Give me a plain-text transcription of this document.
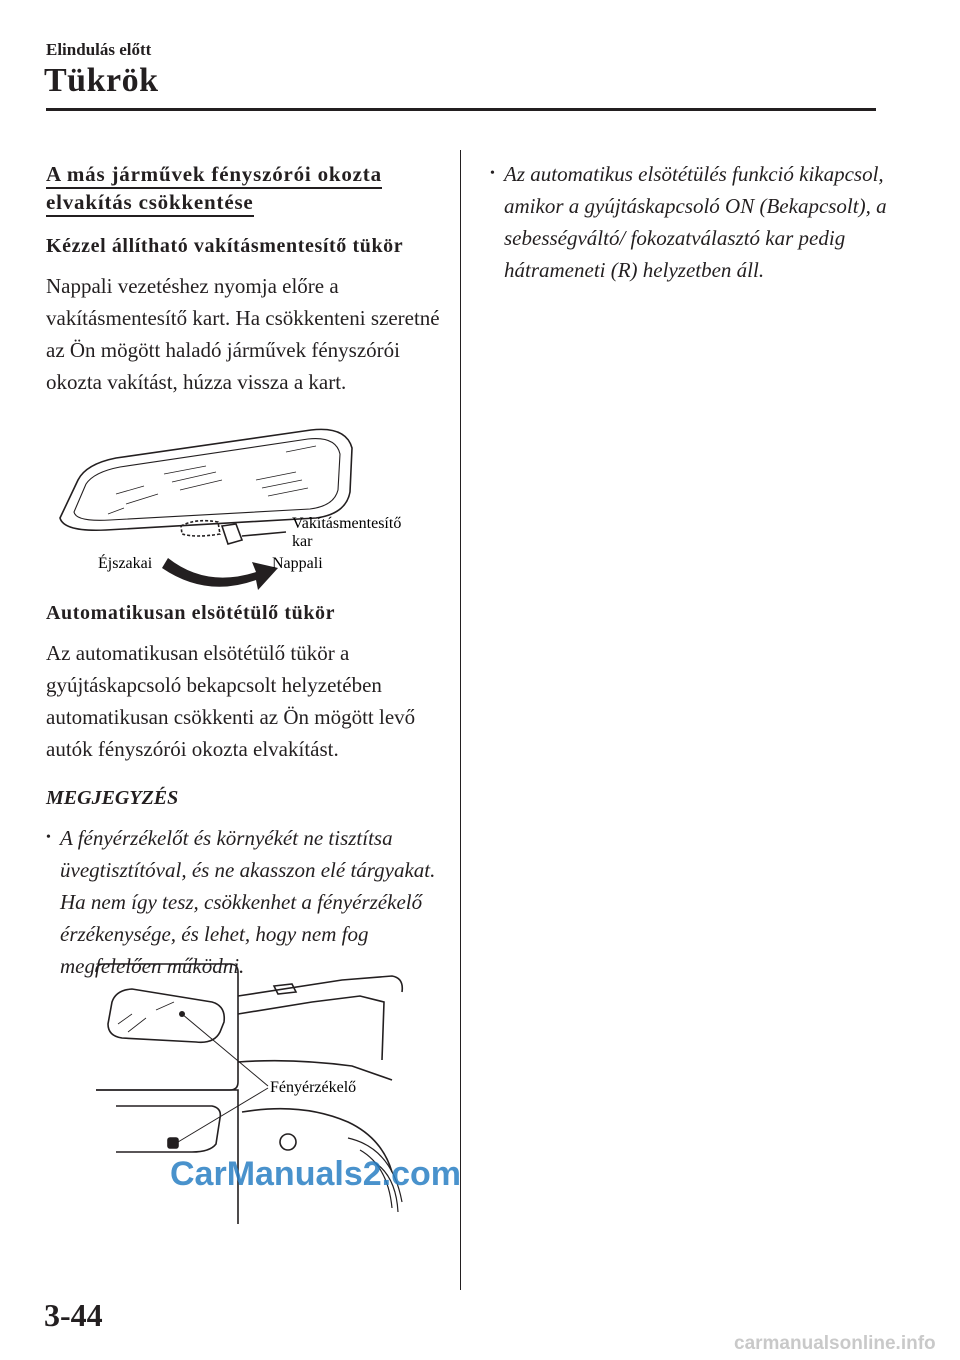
Elindulás előtt
Tükrök

A más járművek fényszórói okozta
elvakítás csökkentése

Kézzel állítható vakításmentesítő tükör

Nappali vezetéshez nyomja előre a vakításmentesítő kart. Ha csökkenteni szeretné az Ön mögött haladó járművek fényszórói okozta vakítást, húzza vissza a kart.

Vakításmentesítő
kar
Éjszakai	Nappali

Automatikusan elsötétülő tükör

Az automatikusan elsötétülő tükör a gyújtáskapcsoló bekapcsolt helyzetében automatikusan csökkenti az Ön mögött levő autók fényszórói okozta elvakítást.

MEGJEGYZÉS

• A fényérzékelőt és környékét ne tisztítsa üvegtisztítóval, és ne akasszon elé tárgyakat. Ha nem így tesz, csökkenhet a fényérzékelő érzékenysége, és lehet, hogy nem fog megfelelően működni.

Fényérzékelő
CarManuals2.com

• Az automatikus elsötétülés funkció kikapcsol, amikor a gyújtáskapcsoló ON (Bekapcsolt), a sebességváltó/ fokozatválasztó kar pedig hátrameneti (R) helyzetben áll.

3-44
carmanualsonline.info
